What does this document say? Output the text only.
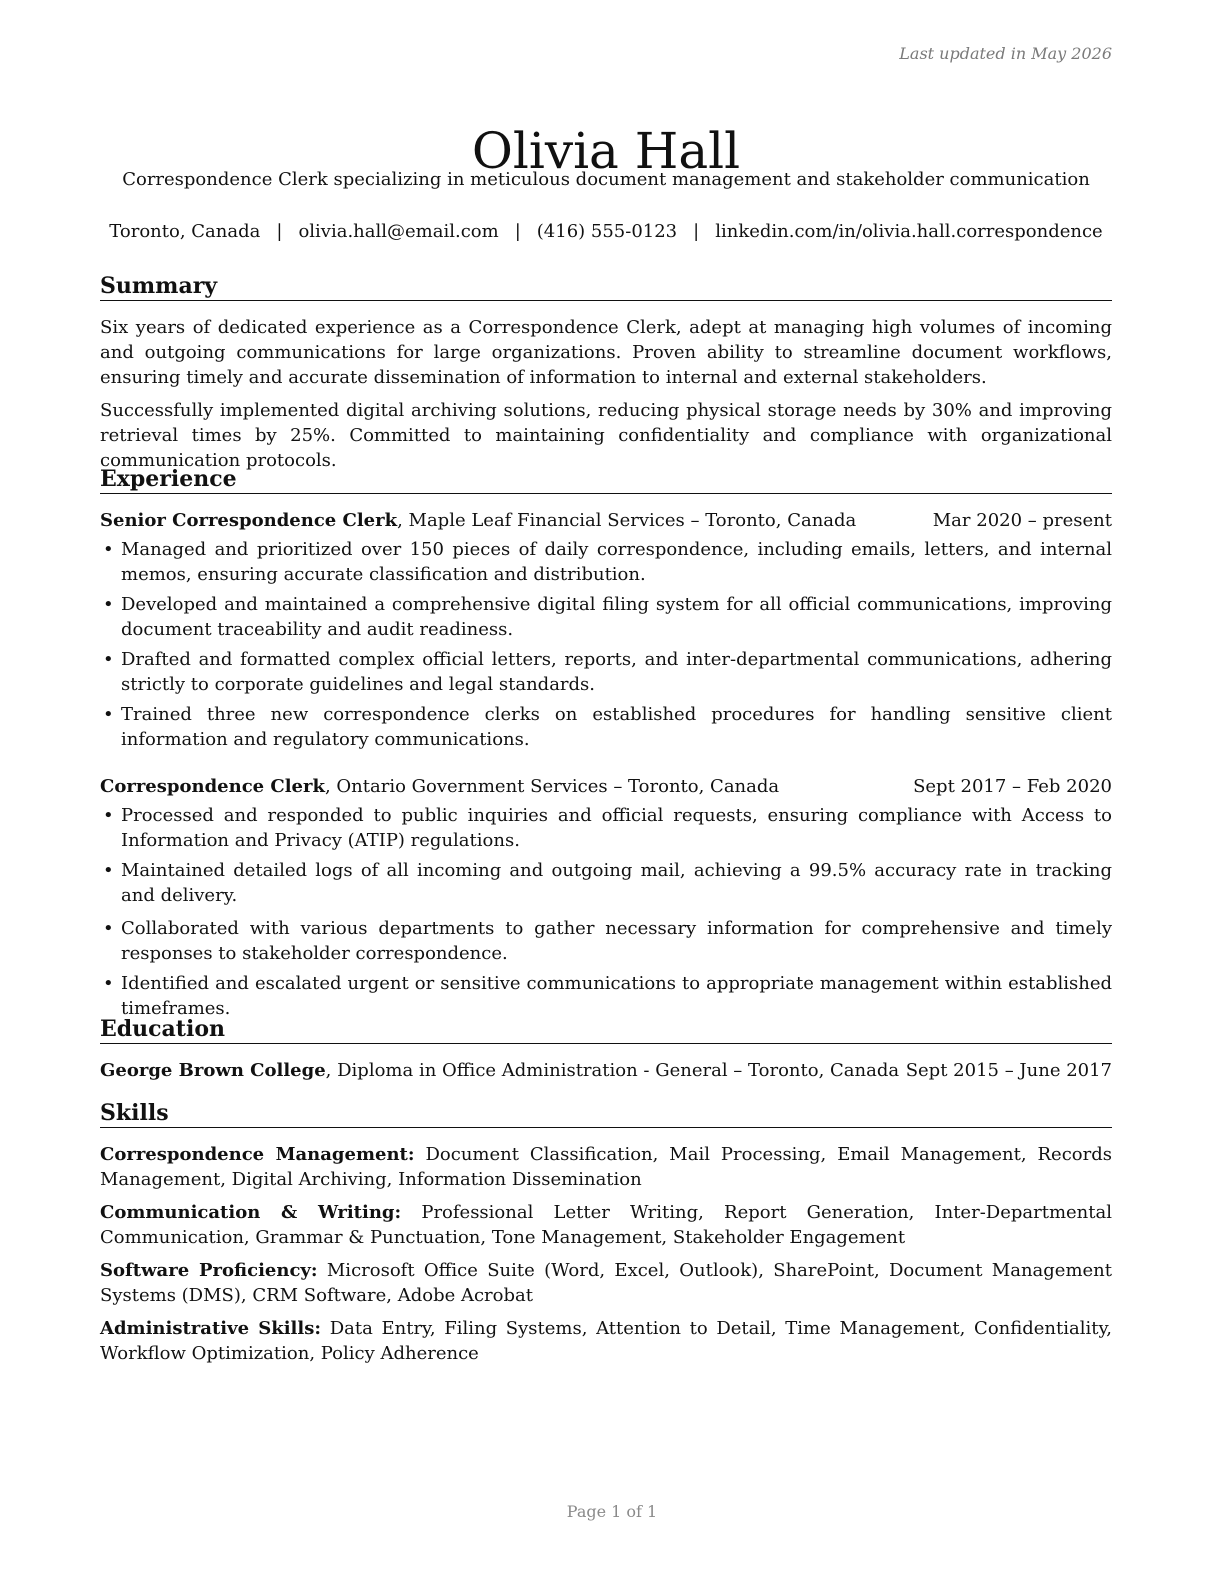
Last updated in May 2026
Olivia Hall
Correspondence Clerk specializing in meticulous document management and stakeholder communication
Toronto, Canada | olivia.hall@email.com | (416) 555-0123 | linkedin.com/in/olivia.hall.correspondence
Summary

Six years of dedicated experience as a Correspondence Clerk, adept at managing high volumes of incoming and outgoing communications for large organizations. Proven ability to streamline document workflows, ensuring timely and accurate dissemination of information to internal and external stakeholders.

Successfully implemented digital archiving solutions, reducing physical storage needs by 30% and improving retrieval times by 25%. Committed to maintaining confidentiality and compliance with organizational communication protocols.

Experience
Senior Correspondence Clerk, Maple Leaf Financial Services – Toronto, Canada	Mar 2020 – present
• Managed and prioritized over 150 pieces of daily correspondence, including emails, letters, and internal memos, ensuring accurate classification and distribution.
• Developed and maintained a comprehensive digital filing system for all official communications, improving document traceability and audit readiness.
• Drafted and formatted complex official letters, reports, and inter-departmental communications, adhering strictly to corporate guidelines and legal standards.
• Trained three new correspondence clerks on established procedures for handling sensitive client information and regulatory communications.
Correspondence Clerk, Ontario Government Services – Toronto, Canada	Sept 2017 – Feb 2020
• Processed and responded to public inquiries and official requests, ensuring compliance with Access to Information and Privacy (ATIP) regulations.
• Maintained detailed logs of all incoming and outgoing mail, achieving a 99.5% accuracy rate in tracking and delivery.
• Collaborated with various departments to gather necessary information for comprehensive and timely responses to stakeholder correspondence.
• Identified and escalated urgent or sensitive communications to appropriate management within established timeframes.
Education
George Brown College, Diploma in Office Administration - General – Toronto, Canada Sept 2015 – June 2017
Skills

Correspondence Management: Document Classification, Mail Processing, Email Management, Records Management, Digital Archiving, Information Dissemination

Communication & Writing: Professional Letter Writing, Report Generation, Inter-Departmental Communication, Grammar & Punctuation, Tone Management, Stakeholder Engagement

Software Proficiency: Microsoft Office Suite (Word, Excel, Outlook), SharePoint, Document Management Systems (DMS), CRM Software, Adobe Acrobat

Administrative Skills: Data Entry, Filing Systems, Attention to Detail, Time Management, Confidentiality, Workflow Optimization, Policy Adherence

Page 1 of 1
